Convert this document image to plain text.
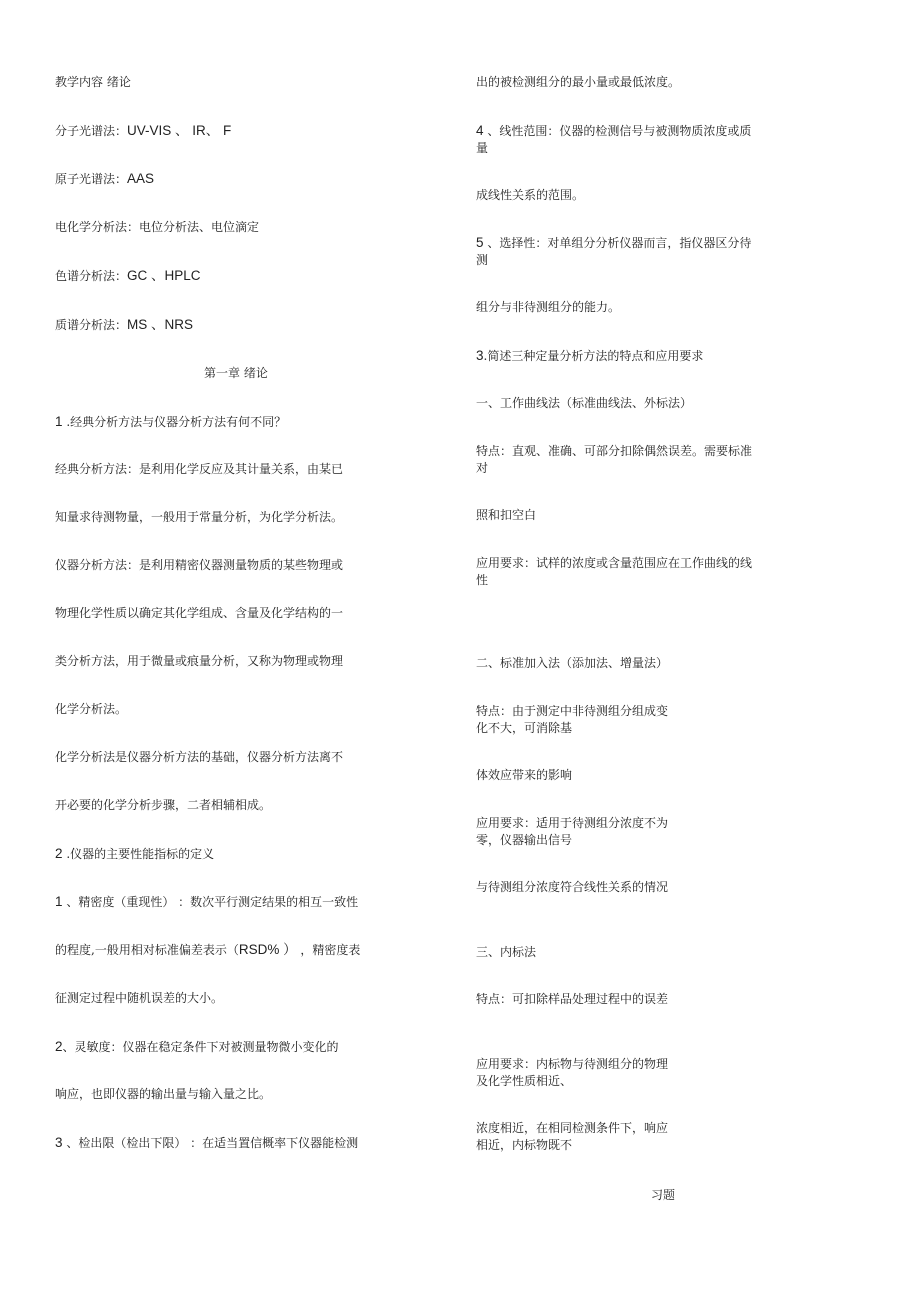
教学内容 绪论
分子光谱法：UV-VIS 、 IR、 F
原子光谱法：AAS
电化学分析法：电位分析法、电位滴定
色谱分析法：GC 、HPLC
质谱分析法：MS 、NRS
第一章 绪论
1 .经典分析方法与仪器分析方法有何不同？
经典分析方法：是利用化学反应及其计量关系，由某已
知量求待测物量，一般用于常量分析，为化学分析法。
仪器分析方法：是利用精密仪器测量物质的某些物理或
物理化学性质以确定其化学组成、含量及化学结构的一
类分析方法，用于微量或痕量分析，又称为物理或物理
化学分析法。
化学分析法是仪器分析方法的基础，仪器分析方法离不
开必要的化学分析步骤，二者相辅相成。
2 .仪器的主要性能指标的定义
1 、精密度（重现性） ：数次平行测定结果的相互一致性
的程度,一般用相对标准偏差表示（RSD% ） ，精密度表
征测定过程中随机误差的大小。
2、灵敏度：仪器在稳定条件下对被测量物微小变化的
响应，也即仪器的输出量与输入量之比。
3 、检出限（检出下限） ：在适当置信概率下仪器能检测
出的被检测组分的最小量或最低浓度。
4 、线性范围：仪器的检测信号与被测物质浓度或质量
成线性关系的范围。
5 、选择性：对单组分分析仪器而言，指仪器区分待测
组分与非待测组分的能力。
3.简述三种定量分析方法的特点和应用要求
一、工作曲线法（标准曲线法、外标法）
特点：直观、准确、可部分扣除偶然误差。需要标准对
照和扣空白
应用要求：试样的浓度或含量范围应在工作曲线的线性
二、标准加入法（添加法、增量法）
特点：由于测定中非待测组分组成变化不大，可消除基
体效应带来的影响
应用要求：适用于待测组分浓度不为零，仪器输出信号
与待测组分浓度符合线性关系的情况
三、内标法
特点：可扣除样品处理过程中的误差
应用要求：内标物与待测组分的物理及化学性质相近、
浓度相近，在相同检测条件下，响应相近，内标物既不
习题
